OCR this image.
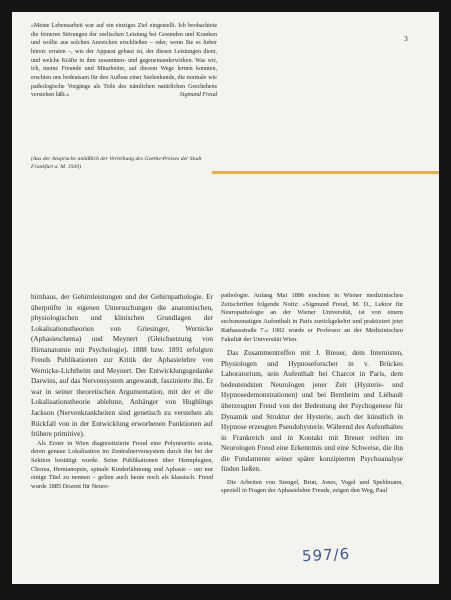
»Meine Lebensarbeit war auf ein einziges Ziel eingestellt. Ich beobachtete die feineren Störungen der seelischen Leistung bei Gesunden und Kranken und wollte aus solchen Anzeichen erschließen – oder, wenn Sie es lieber hören: erraten –, wie der Apparat gebaut ist, der diesen Leistungen dient, und welche Kräfte in ihm zusammen- und gegeneinanderwirken. Was wir, ich, meine Freunde und Mitarbeiter, auf diesem Wege lernen konnten, erschien uns bedeutsam für den Aufbau einer Seelenkunde, die normale wie pathologische Vorgänge als Teile des nämlichen natürlichen Geschehens verstehen läßt.«	Sigmund Freud
(Aus der Ansprache anläßlich der Verleihung des Goethe-Preises der Stadt Frankfurt a. M. 1930)
3

hirnbaus, der Gehirnleistungen und der Gehirnpathologie. Er überprüfte in eigenen Untersuchungen die anatomischen, physiologischen und klinischen Grundlagen der Lokalisationstheorien von Griesinger, Wernicke (Aphasieschema) und Meynert (Gleichsetzung von Hirnanatomie mit Psychologie). 1888 bzw. 1891 erfolgten Freuds Publikationen zur Kritik der Aphasielehre von Wernicke-Lichtheim und Meynert. Der Entwicklungsgedanke Darwins, auf das Nervensystem angewandt, faszinierte ihn. Er war in seiner theoretischen Argumentation, mit der er die Lokalisationstheorie ablehnte, Anhänger von Hughlings Jackson (Nervenkrankheiten sind genetisch zu verstehen als Rückfall von in der Entwicklung erworbenen Funktionen auf frühere primitive).

Als Erster in Wien diagnostizierte Freud eine Polyneuritis acuta, deren genaue Lokalisation im Zentralnervensystem durch ihn bei der Sektion bestätigt wurde. Seine Publikationen über Hemiplegien, Chorea, Hemianopsie, spinale Kinderlähmung und Aphasie – um nur einige Titel zu nennen – gelten auch heute noch als klassisch. Freud wurde 1885 Dozent für Neuro-

pathologie. Anfang Mai 1886 erschien in Wiener medizinischen Zeitschriften folgende Notiz: »Sigmund Freud, M. D., Lektor für Neuropathologie an der Wiener Universität, ist von einem sechsmonatigen Aufenthalt in Paris zurückgekehrt und praktiziert jetzt Rathausstraße 7.« 1902 wurde er Professor an der Medizinischen Fakultät der Universität Wien.

Das Zusammentreffen mit J. Breuer, dem Internisten, Physiologen und Hypnoseforscher in v. Brückes Laboratorium, sein Aufenthalt bei Charcot in Paris, dem bedeutendsten Neurologen jener Zeit (Hysterie- und Hypnosedemonstrationen) und bei Bernheim und Liébault überzeugten Freud von der Bedeutung der Psychogenese für Dynamik und Struktur der Hysterie, auch der künstlich in Hypnose erzeugten Pseudohysterie. Während des Aufenthaltes in Frankreich und in Kontakt mit Breuer reiften im Neurologen Freud eine Erkenntnis und eine Schweise, die ihn die Fundamente seiner später konzipierten Psychoanalyse finden ließen.

Die Arbeiten von Stengel, Brun, Jones, Vogel und Spehlmann, speziell in Fragen der Aphasielehre Freuds, zeigen den Weg, Paul

597/6
